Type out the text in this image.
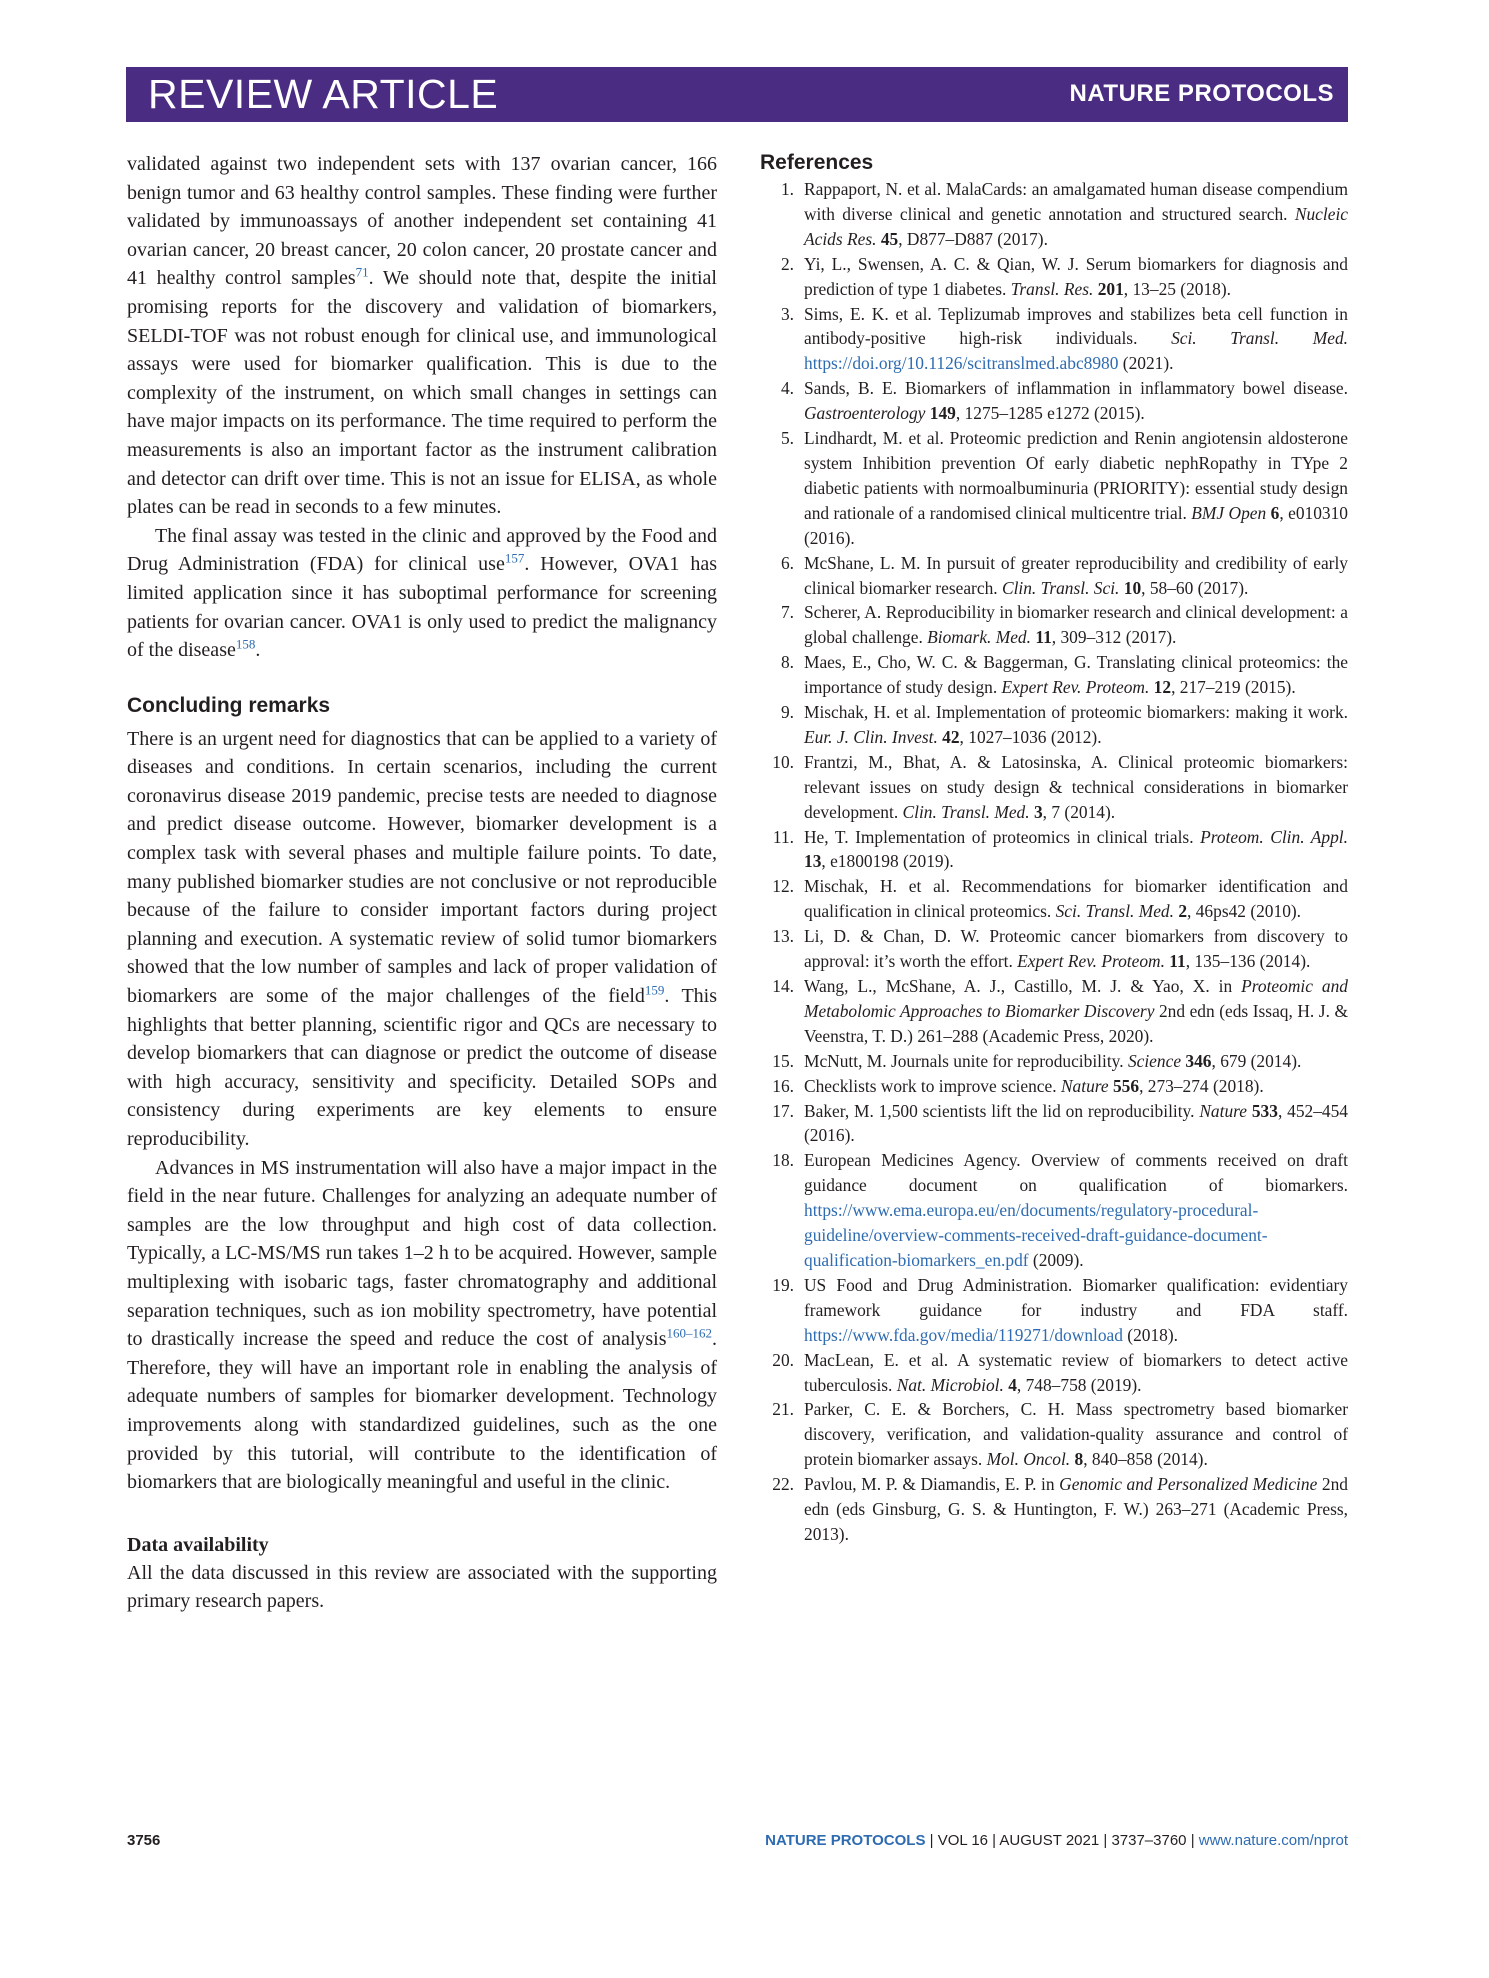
REVIEW ARTICLE	NATURE PROTOCOLS

validated against two independent sets with 137 ovarian cancer, 166 benign tumor and 63 healthy control samples. These finding were further validated by immunoassays of another independent set containing 41 ovarian cancer, 20 breast cancer, 20 colon cancer, 20 prostate cancer and 41 healthy control samples$^{71}$. We should note that, despite the initial promising reports for the discovery and validation of biomarkers, SELDI-TOF was not robust enough for clinical use, and immunological assays were used for biomarker qualification. This is due to the complexity of the instrument, on which small changes in settings can have major impacts on its performance. The time required to perform the measurements is also an important factor as the instrument calibration and detector can drift over time. This is not an issue for ELISA, as whole plates can be read in seconds to a few minutes.

The final assay was tested in the clinic and approved by the Food and Drug Administration (FDA) for clinical use$^{157}$. However, OVA1 has limited application since it has suboptimal performance for screening patients for ovarian cancer. OVA1 is only used to predict the malignancy of the disease$^{158}$.

Concluding remarks

There is an urgent need for diagnostics that can be applied to a variety of diseases and conditions. In certain scenarios, including the current coronavirus disease 2019 pandemic, precise tests are needed to diagnose and predict disease outcome. However, biomarker development is a complex task with several phases and multiple failure points. To date, many published biomarker studies are not conclusive or not reproducible because of the failure to consider important factors during project planning and execution. A systematic review of solid tumor biomarkers showed that the low number of samples and lack of proper validation of biomarkers are some of the major challenges of the field$^{159}$. This highlights that better planning, scientific rigor and QCs are necessary to develop biomarkers that can diagnose or predict the outcome of disease with high accuracy, sensitivity and specificity. Detailed SOPs and consistency during experiments are key elements to ensure reproducibility.

Advances in MS instrumentation will also have a major impact in the field in the near future. Challenges for analyzing an adequate number of samples are the low throughput and high cost of data collection. Typically, a LC-MS/MS run takes 1–2 h to be acquired. However, sample multiplexing with isobaric tags, faster chromatography and additional separation techniques, such as ion mobility spectrometry, have potential to drastically increase the speed and reduce the cost of analysis$^{160-162}$. Therefore, they will have an important role in enabling the analysis of adequate numbers of samples for biomarker development. Technology improvements along with standardized guidelines, such as the one provided by this tutorial, will contribute to the identification of biomarkers that are biologically meaningful and useful in the clinic.

Data availability

All the data discussed in this review are associated with the supporting primary research papers.

References
1. Rappaport, N. et al. MalaCards: an amalgamated human disease compendium with diverse clinical and genetic annotation and structured search. Nucleic Acids Res. 45, D877–D887 (2017).
2. Yi, L., Swensen, A. C. & Qian, W. J. Serum biomarkers for diagnosis and prediction of type 1 diabetes. Transl. Res. 201, 13–25 (2018).
3. Sims, E. K. et al. Teplizumab improves and stabilizes beta cell function in antibody-positive high-risk individuals. Sci. Transl. Med. https://doi.org/10.1126/scitranslmed.abc8980 (2021).
4. Sands, B. E. Biomarkers of inflammation in inflammatory bowel disease. Gastroenterology 149, 1275–1285 e1272 (2015).
5. Lindhardt, M. et al. Proteomic prediction and Renin angiotensin aldosterone system Inhibition prevention Of early diabetic nephRopathy in TYpe 2 diabetic patients with normoalbuminuria (PRIORITY): essential study design and rationale of a randomised clinical multicentre trial. BMJ Open 6, e010310 (2016).
6. McShane, L. M. In pursuit of greater reproducibility and credibility of early clinical biomarker research. Clin. Transl. Sci. 10, 58–60 (2017).
7. Scherer, A. Reproducibility in biomarker research and clinical development: a global challenge. Biomark. Med. 11, 309–312 (2017).
8. Maes, E., Cho, W. C. & Baggerman, G. Translating clinical proteomics: the importance of study design. Expert Rev. Proteom. 12, 217–219 (2015).
9. Mischak, H. et al. Implementation of proteomic biomarkers: making it work. Eur. J. Clin. Invest. 42, 1027–1036 (2012).
10. Frantzi, M., Bhat, A. & Latosinska, A. Clinical proteomic biomarkers: relevant issues on study design & technical considerations in biomarker development. Clin. Transl. Med. 3, 7 (2014).
11. He, T. Implementation of proteomics in clinical trials. Proteom. Clin. Appl. 13, e1800198 (2019).
12. Mischak, H. et al. Recommendations for biomarker identification and qualification in clinical proteomics. Sci. Transl. Med. 2, 46ps42 (2010).
13. Li, D. & Chan, D. W. Proteomic cancer biomarkers from discovery to approval: it’s worth the effort. Expert Rev. Proteom. 11, 135–136 (2014).
14. Wang, L., McShane, A. J., Castillo, M. J. & Yao, X. in Proteomic and Metabolomic Approaches to Biomarker Discovery 2nd edn (eds Issaq, H. J. & Veenstra, T. D.) 261–288 (Academic Press, 2020).
15. McNutt, M. Journals unite for reproducibility. Science 346, 679 (2014).
16. Checklists work to improve science. Nature 556, 273–274 (2018).
17. Baker, M. 1,500 scientists lift the lid on reproducibility. Nature 533, 452–454 (2016).
18. European Medicines Agency. Overview of comments received on draft guidance document on qualification of biomarkers. https://www.ema.europa.eu/en/documents/regulatory-procedural-guideline/overview-comments-received-draft-guidance-document-qualification-biomarkers_en.pdf (2009).
19. US Food and Drug Administration. Biomarker qualification: evidentiary framework guidance for industry and FDA staff. https://www.fda.gov/media/119271/download (2018).
20. MacLean, E. et al. A systematic review of biomarkers to detect active tuberculosis. Nat. Microbiol. 4, 748–758 (2019).
21. Parker, C. E. & Borchers, C. H. Mass spectrometry based biomarker discovery, verification, and validation-quality assurance and control of protein biomarker assays. Mol. Oncol. 8, 840–858 (2014).
22. Pavlou, M. P. & Diamandis, E. P. in Genomic and Personalized Medicine 2nd edn (eds Ginsburg, G. S. & Huntington, F. W.) 263–271 (Academic Press, 2013).
3756	NATURE PROTOCOLS | VOL 16 | AUGUST 2021 | 3737–3760 | www.nature.com/nprot
